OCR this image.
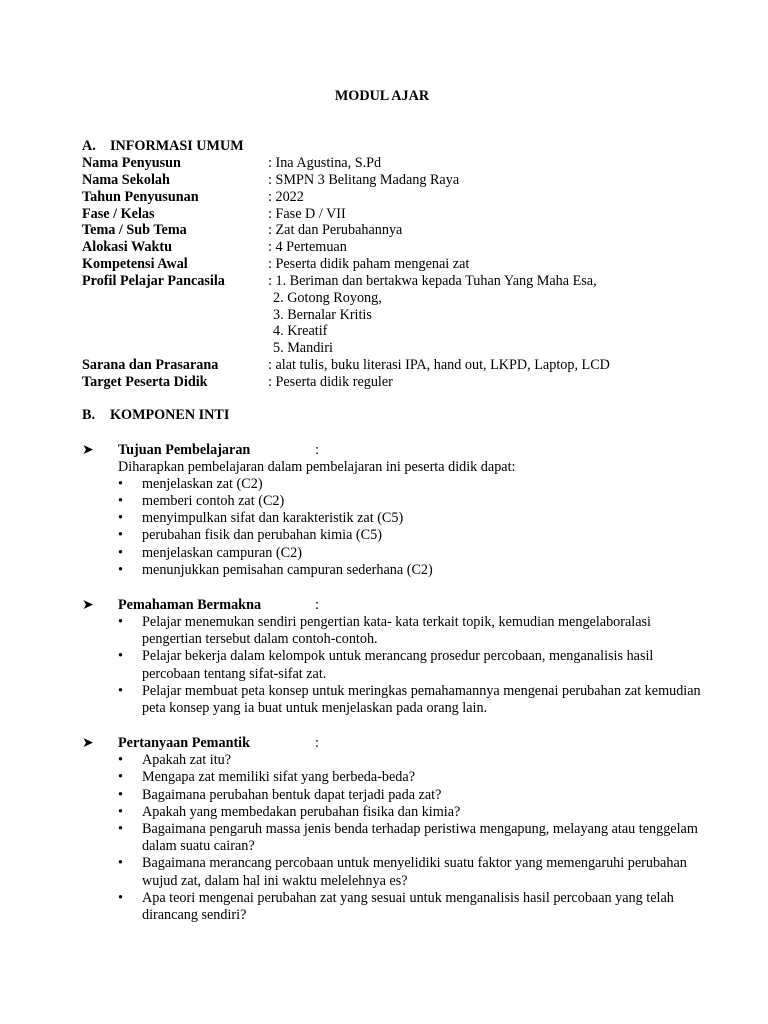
MODUL AJAR
A. INFORMASI UMUM
Nama Penyusun	: Ina Agustina, S.Pd
Nama Sekolah	: SMPN 3 Belitang Madang Raya
Tahun Penyusunan	: 2022
Fase / Kelas	: Fase D / VII
Tema / Sub Tema	: Zat dan Perubahannya
Alokasi Waktu	: 4 Pertemuan
Kompetensi Awal	: Peserta didik paham mengenai zat
Profil Pelajar Pancasila	: 1. Beriman dan bertakwa kepada Tuhan Yang Maha Esa,
2. Gotong Royong,
3. Bernalar Kritis
4. Kreatif
5. Mandiri
Sarana dan Prasarana	: alat tulis, buku literasi IPA, hand out, LKPD, Laptop, LCD
Target Peserta Didik	: Peserta didik reguler
B. KOMPONEN INTI
➤	Tujuan Pembelajaran	:
Diharapkan pembelajaran dalam pembelajaran ini peserta didik dapat:
• menjelaskan zat (C2)
• memberi contoh zat (C2)
• menyimpulkan sifat dan karakteristik zat (C5)
• perubahan fisik dan perubahan kimia (C5)
• menjelaskan campuran (C2)
• menunjukkan pemisahan campuran sederhana (C2)
➤	Pemahaman Bermakna	:
• Pelajar menemukan sendiri pengertian kata- kata terkait topik, kemudian mengelaboralasi pengertian tersebut dalam contoh-contoh.
• Pelajar bekerja dalam kelompok untuk merancang prosedur percobaan, menganalisis hasil percobaan tentang sifat-sifat zat.
• Pelajar membuat peta konsep untuk meringkas pemahamannya mengenai perubahan zat kemudian peta konsep yang ia buat untuk menjelaskan pada orang lain.
➤	Pertanyaan Pemantik	:
• Apakah zat itu?
• Mengapa zat memiliki sifat yang berbeda-beda?
• Bagaimana perubahan bentuk dapat terjadi pada zat?
• Apakah yang membedakan perubahan fisika dan kimia?
• Bagaimana pengaruh massa jenis benda terhadap peristiwa mengapung, melayang atau tenggelam dalam suatu cairan?
• Bagaimana merancang percobaan untuk menyelidiki suatu faktor yang memengaruhi perubahan wujud zat, dalam hal ini waktu melelehnya es?
• Apa teori mengenai perubahan zat yang sesuai untuk menganalisis hasil percobaan yang telah dirancang sendiri?
